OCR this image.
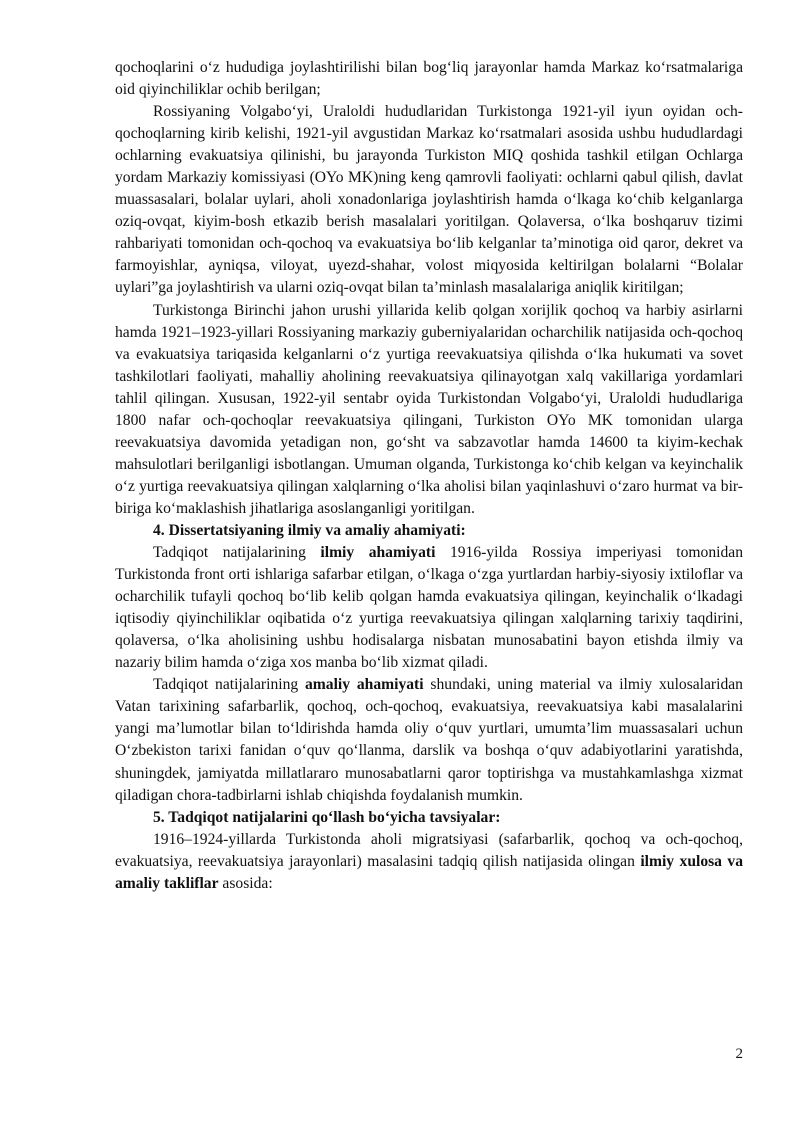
qochoqlarini o‘z hududiga joylashtirilishi bilan bog‘liq jarayonlar hamda Markaz ko‘rsatmalariga oid qiyinchiliklar ochib berilgan;

Rossiyaning Volgabo‘yi, Uraloldi hududlaridan Turkistonga 1921-yil iyun oyidan och-qochoqlarning kirib kelishi, 1921-yil avgustidan Markaz ko‘rsatmalari asosida ushbu hududlardagi ochlarning evakuatsiya qilinishi, bu jarayonda Turkiston MIQ qoshida tashkil etilgan Ochlarga yordam Markaziy komissiyasi (OYo MK)ning keng qamrovli faoliyati: ochlarni qabul qilish, davlat muassasalari, bolalar uylari, aholi xonadonlariga joylashtirish hamda o‘lkaga ko‘chib kelganlarga oziq-ovqat, kiyim-bosh etkazib berish masalalari yoritilgan. Qolaversa, o‘lka boshqaruv tizimi rahbariyati tomonidan och-qochoq va evakuatsiya bo‘lib kelganlar ta’minotiga oid qaror, dekret va farmoyishlar, ayniqsa, viloyat, uyezd-shahar, volost miqyosida keltirilgan bolalarni “Bolalar uylari”ga joylashtirish va ularni oziq-ovqat bilan ta’minlash masalalariga aniqlik kiritilgan;

Turkistonga Birinchi jahon urushi yillarida kelib qolgan xorijlik qochoq va harbiy asirlarni hamda 1921–1923-yillari Rossiyaning markaziy guberniyalaridan ocharchilik natijasida och-qochoq va evakuatsiya tariqasida kelganlarni o‘z yurtiga reevakuatsiya qilishda o‘lka hukumati va sovet tashkilotlari faoliyati, mahalliy aholining reevakuatsiya qilinayotgan xalq vakillariga yordamlari tahlil qilingan. Xususan, 1922-yil sentabr oyida Turkistondan Volgabo‘yi, Uraloldi hududlariga 1800 nafar och-qochoqlar reevakuatsiya qilingani, Turkiston OYo MK tomonidan ularga reevakuatsiya davomida yetadigan non, go‘sht va sabzavotlar hamda 14600 ta kiyim-kechak mahsulotlari berilganligi isbotlangan. Umuman olganda, Turkistonga ko‘chib kelgan va keyinchalik o‘z yurtiga reevakuatsiya qilingan xalqlarning o‘lka aholisi bilan yaqinlashuvi o‘zaro hurmat va bir-biriga ko‘maklashish jihatlariga asoslanganligi yoritilgan.

4. Dissertatsiyaning ilmiy va amaliy ahamiyati:

Tadqiqot natijalarining ilmiy ahamiyati 1916-yilda Rossiya imperiyasi tomonidan Turkistonda front orti ishlariga safarbar etilgan, o‘lkaga o‘zga yurtlardan harbiy-siyosiy ixtiloflar va ocharchilik tufayli qochoq bo‘lib kelib qolgan hamda evakuatsiya qilingan, keyinchalik o‘lkadagi iqtisodiy qiyinchiliklar oqibatida o‘z yurtiga reevakuatsiya qilingan xalqlarning tarixiy taqdirini, qolaversa, o‘lka aholisining ushbu hodisalarga nisbatan munosabatini bayon etishda ilmiy va nazariy bilim hamda o‘ziga xos manba bo‘lib xizmat qiladi.

Tadqiqot natijalarining amaliy ahamiyati shundaki, uning material va ilmiy xulosalaridan Vatan tarixining safarbarlik, qochoq, och-qochoq, evakuatsiya, reevakuatsiya kabi masalalarini yangi ma’lumotlar bilan to‘ldirishda hamda oliy o‘quv yurtlari, umumta’lim muassasalari uchun O‘zbekiston tarixi fanidan o‘quv qo‘llanma, darslik va boshqa o‘quv adabiyotlarini yaratishda, shuningdek, jamiyatda millatlararo munosabatlarni qaror toptirishga va mustahkamlashga xizmat qiladigan chora-tadbirlarni ishlab chiqishda foydalanish mumkin.

5. Tadqiqot natijalarini qo‘llash bo‘yicha tavsiyalar:

1916–1924-yillarda Turkistonda aholi migratsiyasi (safarbarlik, qochoq va och-qochoq, evakuatsiya, reevakuatsiya jarayonlari) masalasini tadqiq qilish natijasida olingan ilmiy xulosa va amaliy takliflar asosida:

2
